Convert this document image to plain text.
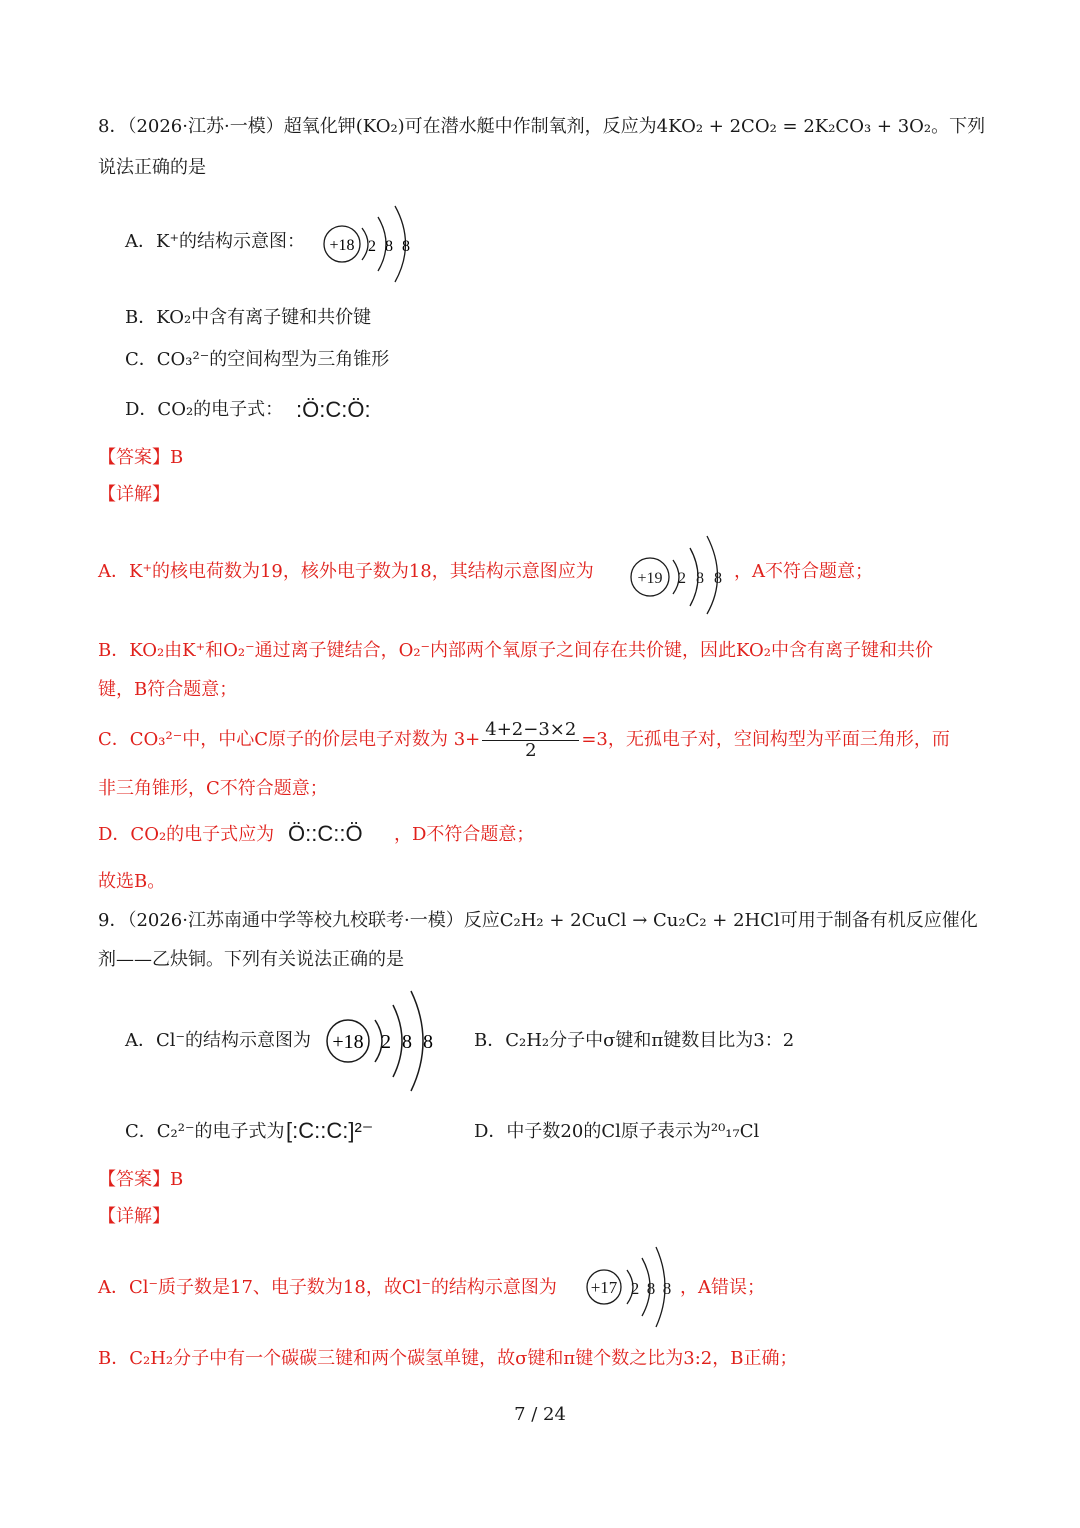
8．（2026·江苏·一模）超氧化钾(KO₂)可在潜水艇中作制氧剂，反应为4KO₂ + 2CO₂ = 2K₂CO₃ + 3O₂。下列
说法正确的是
A．K⁺的结构示意图： +18 2 8 8
B．KO₂中含有离子键和共价键
C．CO₃²⁻的空间构型为三角锥形
D．CO₂的电子式： :Ö:C:Ö:
【答案】B
【详解】
A．K⁺的核电荷数为19，核外电子数为18，其结构示意图应为	+19 2 8 8 ，A不符合题意；
B．KO₂由K⁺和O₂⁻通过离子键结合，O₂⁻内部两个氧原子之间存在共价键，因此KO₂中含有离子键和共价
键，B符合题意；
C．CO₃²⁻中，中心C原子的价层电子对数为 $3+ \frac{4+2-3\times 2}{2} =3$，无孤电子对，空间构型为平面三角形，而
非三角锥形，C不符合题意；
D．CO₂的电子式应为 Ö::C::Ö ，D不符合题意；
故选B。
9．（2026·江苏南通中学等校九校联考·一模）反应C₂H₂ + 2CuCl → Cu₂C₂ + 2HCl可用于制备有机反应催化
剂——乙炔铜。下列有关说法正确的是
A．Cl⁻的结构示意图为 +18 2 8 8 B．C₂H₂分子中σ键和π键数目比为3：2
C．C₂²⁻的电子式为 [:C::C:]²⁻	D．中子数20的Cl原子表示为²⁰₁₇Cl
【答案】B
【详解】
A．Cl⁻质子数是17、电子数为18，故Cl⁻的结构示意图为 +17 2 8 8 ，A错误；
B．C₂H₂分子中有一个碳碳三键和两个碳氢单键，故σ键和π键个数之比为3:2，B正确；
7 / 24
